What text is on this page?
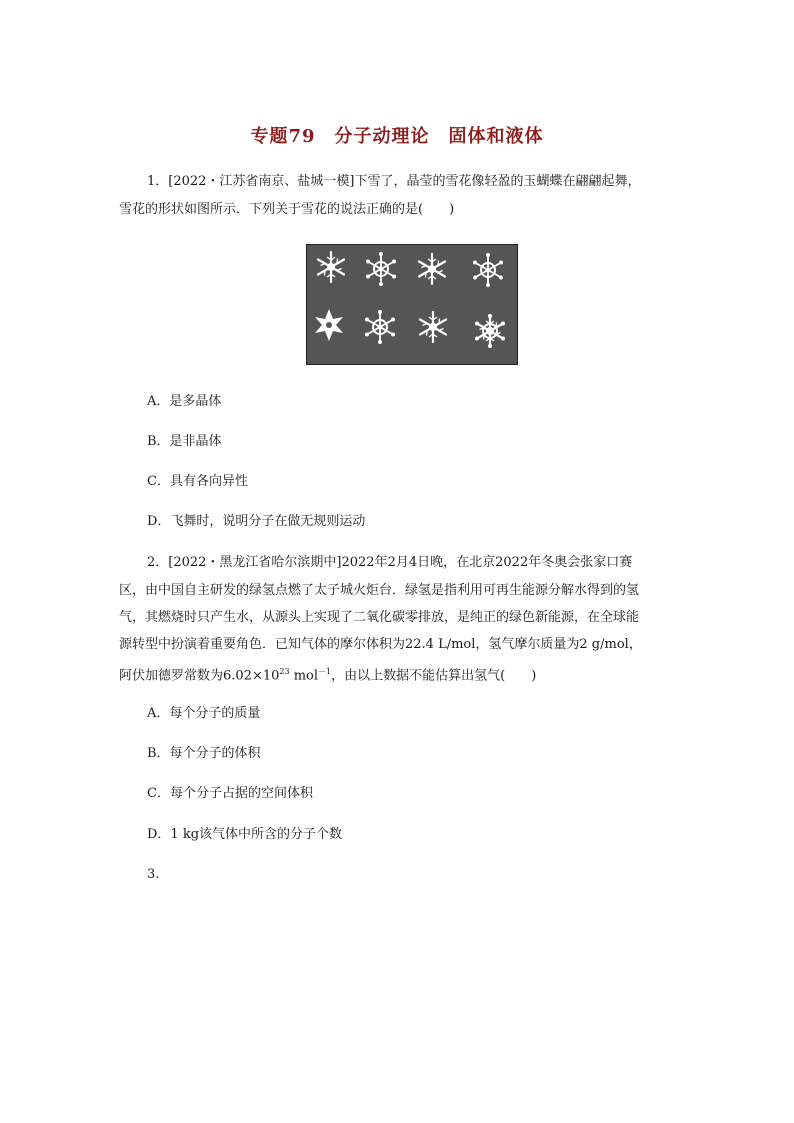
专题79　分子动理论　固体和液体
1．[2022・江苏省南京、盐城一模]下雪了，晶莹的雪花像轻盈的玉蝴蝶在翩翩起舞，
雪花的形状如图所示．下列关于雪花的说法正确的是(　　)
A．是多晶体
B．是非晶体
C．具有各向异性
D．飞舞时，说明分子在做无规则运动
2．[2022・黑龙江省哈尔滨期中]2022年2月4日晚，在北京2022年冬奥会张家口赛
区，由中国自主研发的绿氢点燃了太子城火炬台．绿氢是指利用可再生能源分解水得到的氢
气，其燃烧时只产生水，从源头上实现了二氧化碳零排放，是纯正的绿色新能源，在全球能
源转型中扮演着重要角色．已知气体的摩尔体积为22.4 L/mol，氢气摩尔质量为2 g/mol，
阿伏加德罗常数为$6.02\times 10^{23}$ mol$^{-1}$，由以上数据不能估算出氢气(　　)
A．每个分子的质量
B．每个分子的体积
C．每个分子占据的空间体积
D．1 kg该气体中所含的分子个数
3.
